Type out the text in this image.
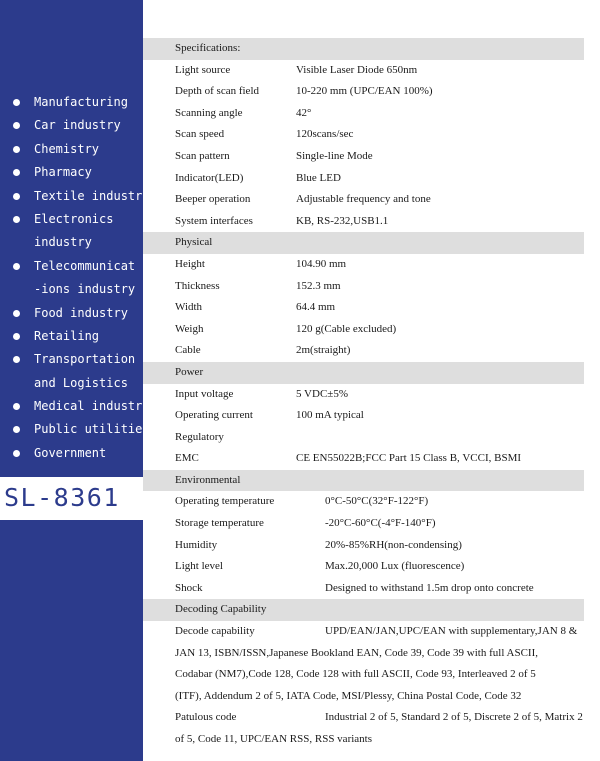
Manufacturing
Car industry
Chemistry
Pharmacy
Textile industry
Electronics
industry
Telecommunicat
-ions industry
Food industry
Retailing
Transportation
and Logistics
Medical industry
Public utilities
Government
SL-8361
Specifications:
Light source	Visible Laser Diode 650nm
Depth of scan field	10-220 mm (UPC/EAN 100%)
Scanning angle	42°
Scan speed	120scans/sec
Scan pattern	Single-line Mode
Indicator(LED)	Blue LED
Beeper operation	Adjustable frequency and tone
System interfaces	KB, RS-232,USB1.1
Physical
Height	104.90 mm
Thickness	152.3 mm
Width	64.4 mm
Weigh	120 g(Cable excluded)
Cable	2m(straight)
Power
Input voltage	5 VDC±5%
Operating current	100 mA typical
Regulatory
EMC	CE EN55022B;FCC Part 15 Class B, VCCI, BSMI
Environmental
Operating temperature	0°C-50°C(32°F-122°F)
Storage temperature	-20°C-60°C(-4°F-140°F)
Humidity	20%-85%RH(non-condensing)
Light level	Max.20,000 Lux (fluorescence)
Shock	Designed to withstand 1.5m drop onto concrete
Decoding Capability
Decode capability	UPD/EAN/JAN,UPC/EAN with supplementary,JAN 8 &
JAN 13, ISBN/ISSN,Japanese Bookland EAN, Code 39, Code 39 with full ASCII,
Codabar (NM7),Code 128, Code 128 with full ASCII, Code 93, Interleaved 2 of 5
(ITF), Addendum 2 of 5, IATA Code, MSI/Plessy, China Postal Code, Code 32
Patulous code	Industrial 2 of 5, Standard 2 of 5, Discrete 2 of 5, Matrix 2
of 5, Code 11, UPC/EAN RSS, RSS variants
